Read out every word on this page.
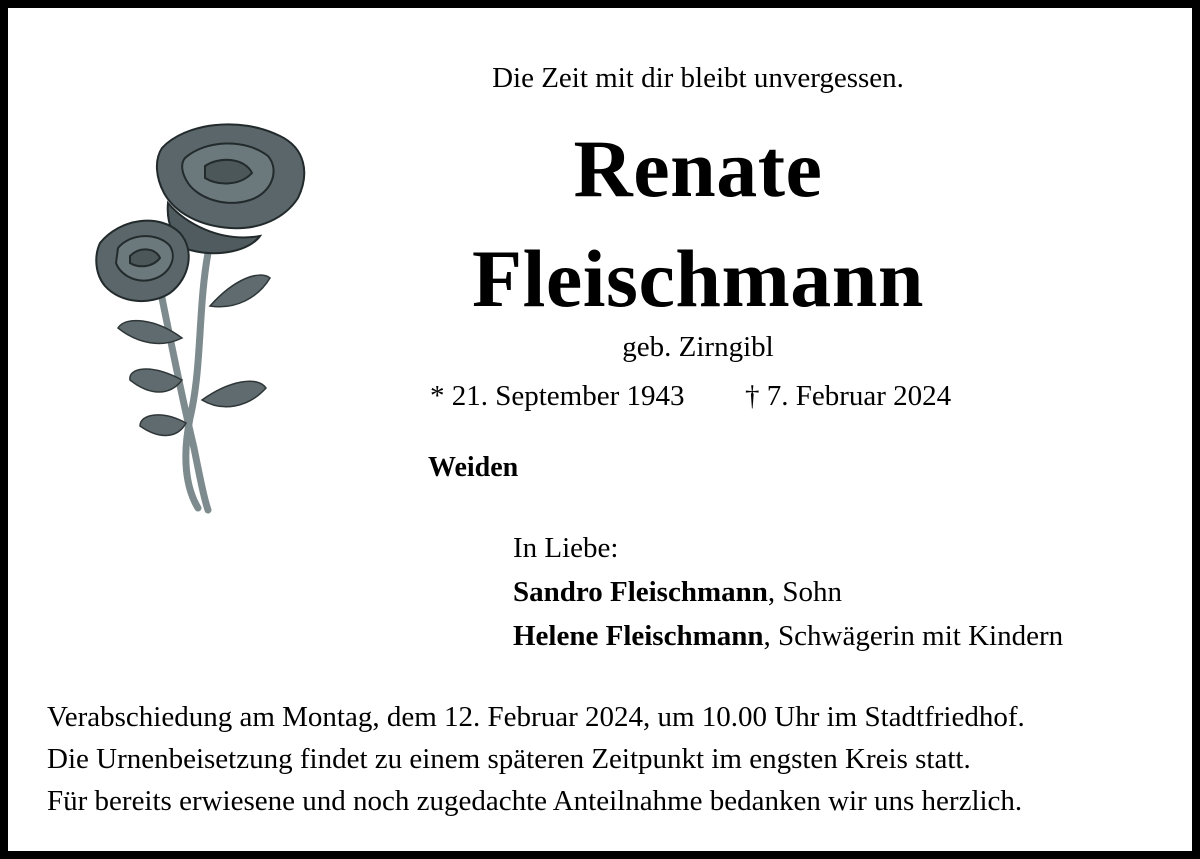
Die Zeit mit dir bleibt unvergessen.
Renate
Fleischmann
geb. Zirngibl
* 21. September 1943 † 7. Februar 2024
Weiden
In Liebe:
Sandro Fleischmann, Sohn
Helene Fleischmann, Schwägerin mit Kindern
Verabschiedung am Montag, dem 12. Februar 2024, um 10.00 Uhr im Stadtfriedhof.
Die Urnenbeisetzung findet zu einem späteren Zeitpunkt im engsten Kreis statt.
Für bereits erwiesene und noch zugedachte Anteilnahme bedanken wir uns herzlich.
